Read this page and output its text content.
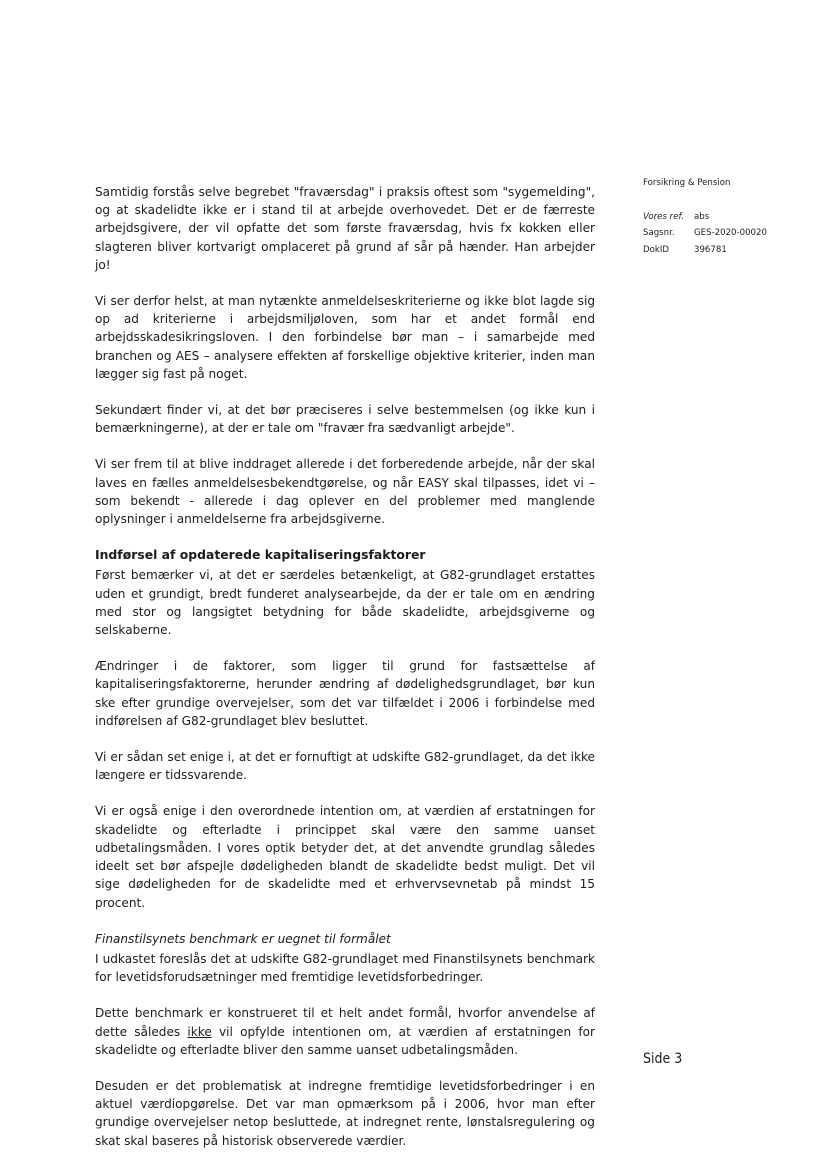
Forsikring & Pension
Vores ref.	abs
Sagsnr.	GES-2020-00020
DokID	396781

Samtidig forstås selve begrebet "fraværsdag" i praksis oftest som "sygemelding", og at skadelidte ikke er i stand til at arbejde overhovedet. Det er de færreste arbejdsgivere, der vil opfatte det som første fraværsdag, hvis fx kokken eller slagteren bliver kortvarigt omplaceret på grund af sår på hænder. Han arbejder jo!

Vi ser derfor helst, at man nytænkte anmeldelseskriterierne og ikke blot lagde sig op ad kriterierne i arbejdsmiljøloven, som har et andet formål end arbejdsskadesikringsloven. I den forbindelse bør man – i samarbejde med branchen og AES – analysere effekten af forskellige objektive kriterier, inden man lægger sig fast på noget.

Sekundært finder vi, at det bør præciseres i selve bestemmelsen (og ikke kun i bemærkningerne), at der er tale om "fravær fra sædvanligt arbejde".

Vi ser frem til at blive inddraget allerede i det forberedende arbejde, når der skal laves en fælles anmeldelsesbekendtgørelse, og når EASY skal tilpasses, idet vi – som bekendt - allerede i dag oplever en del problemer med manglende oplysninger i anmeldelserne fra arbejdsgiverne.

Indførsel af opdaterede kapitaliseringsfaktorer

Først bemærker vi, at det er særdeles betænkeligt, at G82-grundlaget erstattes uden et grundigt, bredt funderet analysearbejde, da der er tale om en ændring med stor og langsigtet betydning for både skadelidte, arbejdsgiverne og selskaberne.

Ændringer i de faktorer, som ligger til grund for fastsættelse af kapitaliseringsfaktorerne, herunder ændring af dødelighedsgrundlaget, bør kun ske efter grundige overvejelser, som det var tilfældet i 2006 i forbindelse med indførelsen af G82-grundlaget blev besluttet.

Vi er sådan set enige i, at det er fornuftigt at udskifte G82-grundlaget, da det ikke længere er tidssvarende.

Vi er også enige i den overordnede intention om, at værdien af erstatningen for skadelidte og efterladte i princippet skal være den samme uanset udbetalingsmåden. I vores optik betyder det, at det anvendte grundlag således ideelt set bør afspejle dødeligheden blandt de skadelidte bedst muligt. Det vil sige dødeligheden for de skadelidte med et erhvervsevnetab på mindst 15 procent.

Finanstilsynets benchmark er uegnet til formålet

I udkastet foreslås det at udskifte G82-grundlaget med Finanstilsynets benchmark for levetidsforudsætninger med fremtidige levetidsforbedringer.

Dette benchmark er konstrueret til et helt andet formål, hvorfor anvendelse af dette således ikke vil opfylde intentionen om, at værdien af erstatningen for skadelidte og efterladte bliver den samme uanset udbetalingsmåden.

Desuden er det problematisk at indregne fremtidige levetidsforbedringer i en aktuel værdiopgørelse. Det var man opmærksom på i 2006, hvor man efter grundige overvejelser netop besluttede, at indregnet rente, lønstalsregulering og skat skal baseres på historisk observerede værdier.

Side 3
